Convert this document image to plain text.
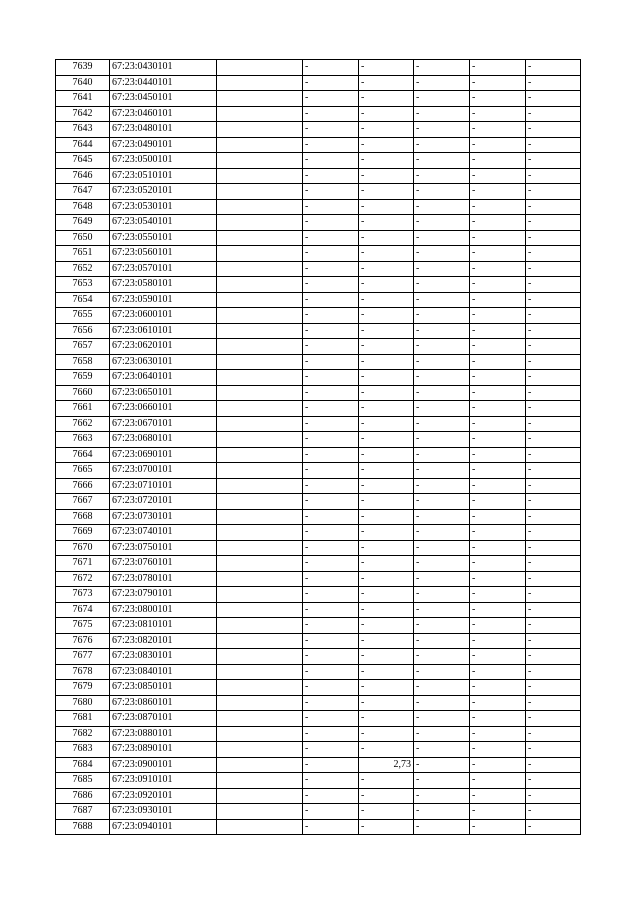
7639	67:23:0430101		-	-	-	-	-
7640	67:23:0440101		-	-	-	-	-
7641	67:23:0450101		-	-	-	-	-
7642	67:23:0460101		-	-	-	-	-
7643	67:23:0480101		-	-	-	-	-
7644	67:23:0490101		-	-	-	-	-
7645	67:23:0500101		-	-	-	-	-
7646	67:23:0510101		-	-	-	-	-
7647	67:23:0520101		-	-	-	-	-
7648	67:23:0530101		-	-	-	-	-
7649	67:23:0540101		-	-	-	-	-
7650	67:23:0550101		-	-	-	-	-
7651	67:23:0560101		-	-	-	-	-
7652	67:23:0570101		-	-	-	-	-
7653	67:23:0580101		-	-	-	-	-
7654	67:23:0590101		-	-	-	-	-
7655	67:23:0600101		-	-	-	-	-
7656	67:23:0610101		-	-	-	-	-
7657	67:23:0620101		-	-	-	-	-
7658	67:23:0630101		-	-	-	-	-
7659	67:23:0640101		-	-	-	-	-
7660	67:23:0650101		-	-	-	-	-
7661	67:23:0660101		-	-	-	-	-
7662	67:23:0670101		-	-	-	-	-
7663	67:23:0680101		-	-	-	-	-
7664	67:23:0690101		-	-	-	-	-
7665	67:23:0700101		-	-	-	-	-
7666	67:23:0710101		-	-	-	-	-
7667	67:23:0720101		-	-	-	-	-
7668	67:23:0730101		-	-	-	-	-
7669	67:23:0740101		-	-	-	-	-
7670	67:23:0750101		-	-	-	-	-
7671	67:23:0760101		-	-	-	-	-
7672	67:23:0780101		-	-	-	-	-
7673	67:23:0790101		-	-	-	-	-
7674	67:23:0800101		-	-	-	-	-
7675	67:23:0810101		-	-	-	-	-
7676	67:23:0820101		-	-	-	-	-
7677	67:23:0830101		-	-	-	-	-
7678	67:23:0840101		-	-	-	-	-
7679	67:23:0850101		-	-	-	-	-
7680	67:23:0860101		-	-	-	-	-
7681	67:23:0870101		-	-	-	-	-
7682	67:23:0880101		-	-	-	-	-
7683	67:23:0890101		-	-	-	-	-
7684	67:23:0900101		-	2,73	-	-	-
7685	67:23:0910101		-	-	-	-	-
7686	67:23:0920101		-	-	-	-	-
7687	67:23:0930101		-	-	-	-	-
7688	67:23:0940101		-	-	-	-	-
